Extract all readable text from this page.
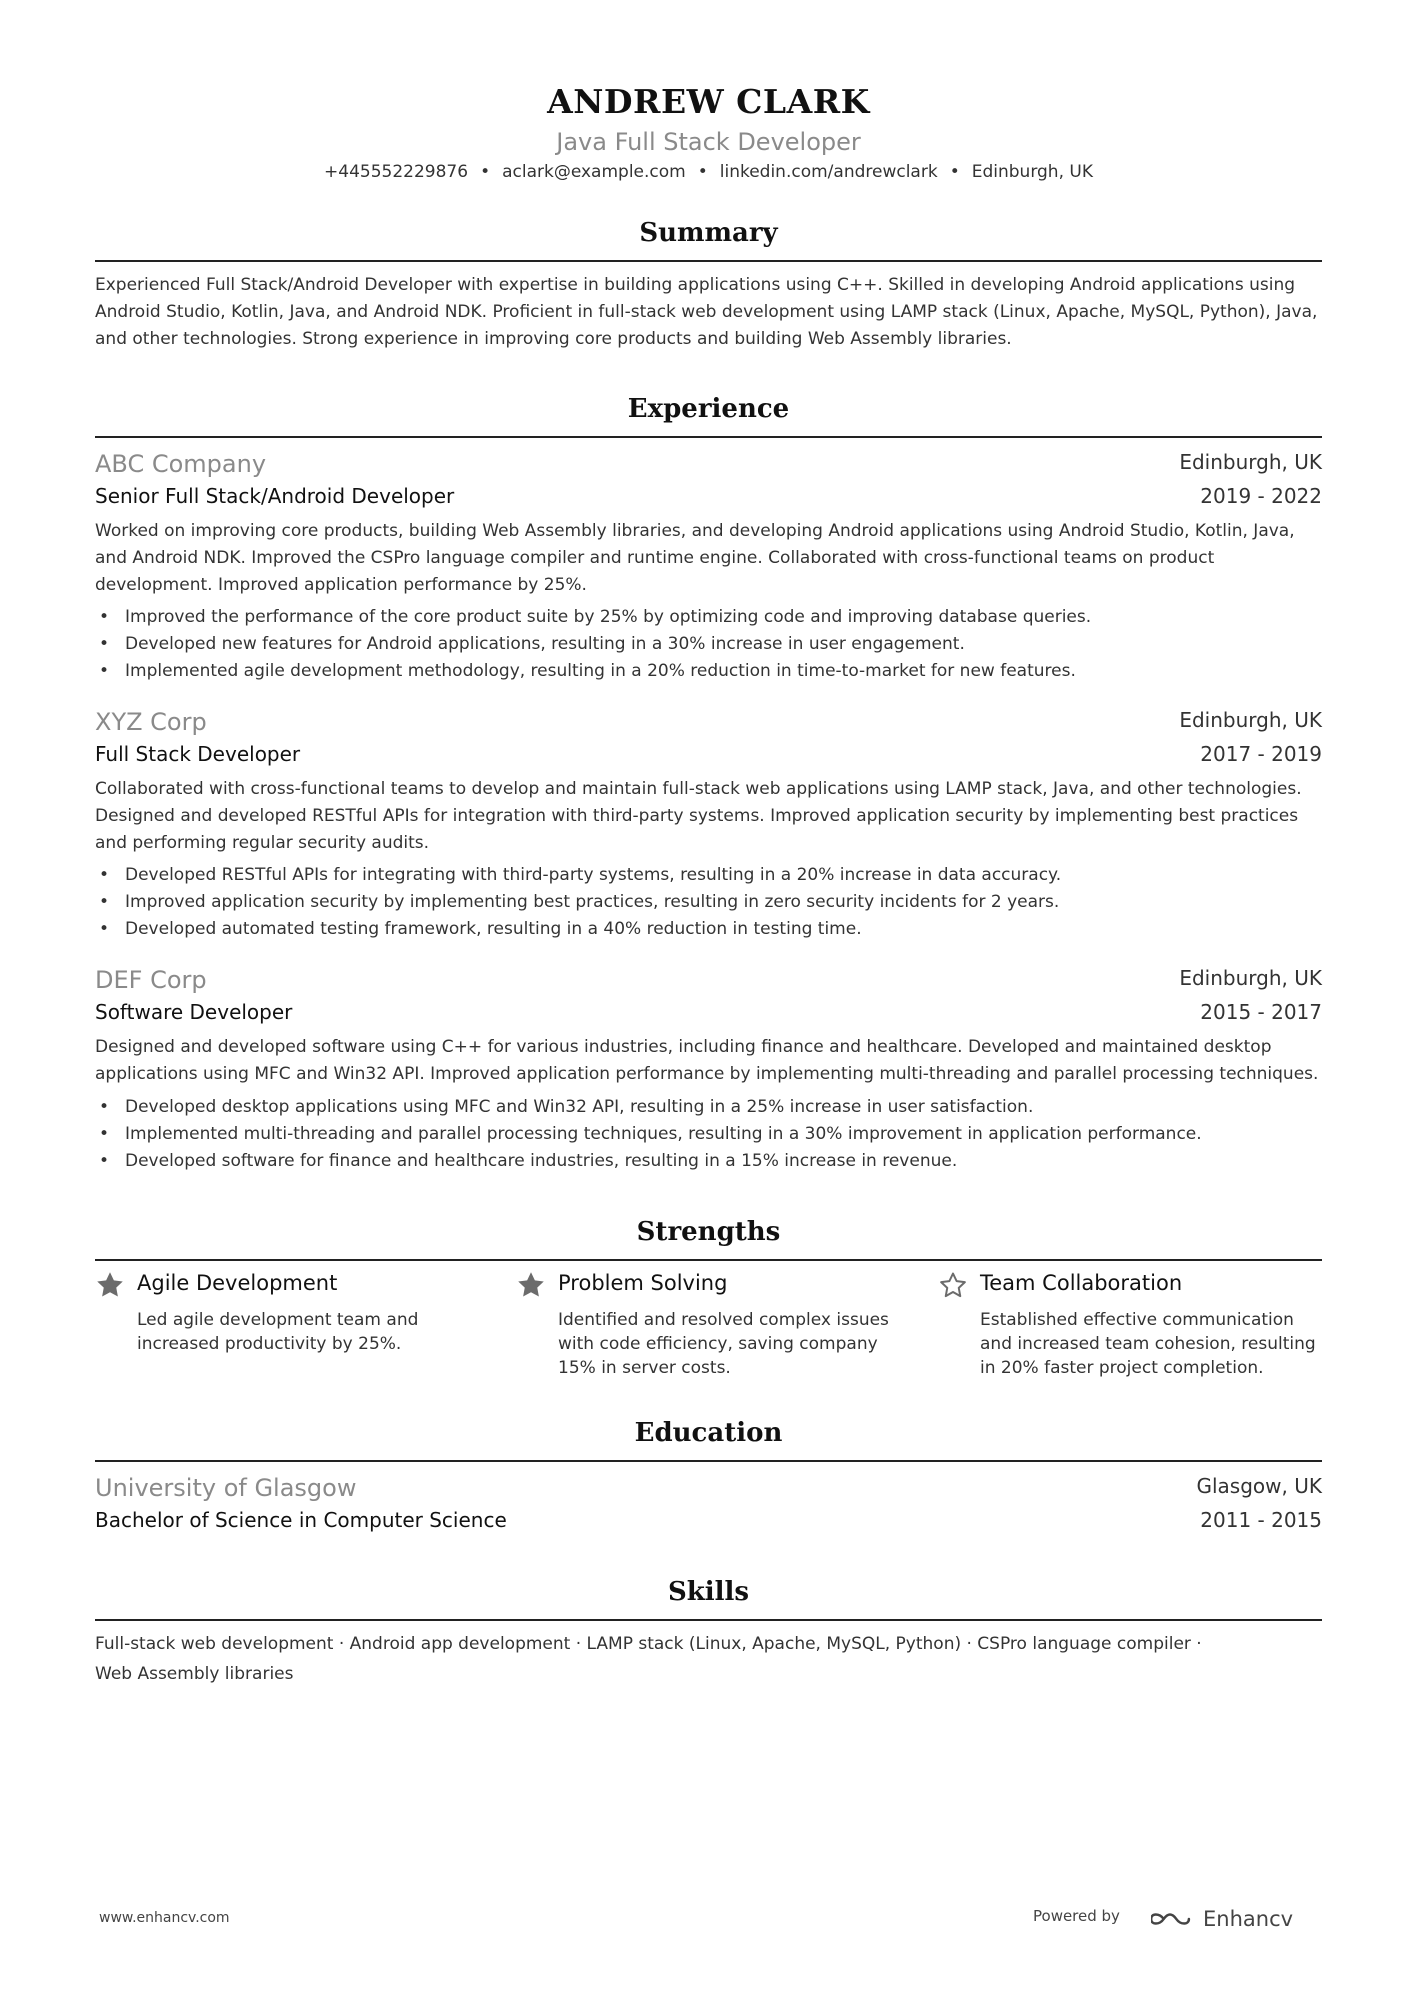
ANDREW CLARK
Java Full Stack Developer
+445552229876 • aclark@example.com • linkedin.com/andrewclark • Edinburgh, UK
Summary
Experienced Full Stack/Android Developer with expertise in building applications using C++. Skilled in developing Android applications using Android Studio, Kotlin, Java, and Android NDK. Proficient in full-stack web development using LAMP stack (Linux, Apache, MySQL, Python), Java, and other technologies. Strong experience in improving core products and building Web Assembly libraries.
Experience
ABC Company	Edinburgh, UK
Senior Full Stack/Android Developer	2019 - 2022
Worked on improving core products, building Web Assembly libraries, and developing Android applications using Android Studio, Kotlin, Java, and Android NDK. Improved the CSPro language compiler and runtime engine. Collaborated with cross-functional teams on product development. Improved application performance by 25%.
• Improved the performance of the core product suite by 25% by optimizing code and improving database queries.
• Developed new features for Android applications, resulting in a 30% increase in user engagement.
• Implemented agile development methodology, resulting in a 20% reduction in time-to-market for new features.
XYZ Corp	Edinburgh, UK
Full Stack Developer	2017 - 2019
Collaborated with cross-functional teams to develop and maintain full-stack web applications using LAMP stack, Java, and other technologies. Designed and developed RESTful APIs for integration with third-party systems. Improved application security by implementing best practices and performing regular security audits.
• Developed RESTful APIs for integrating with third-party systems, resulting in a 20% increase in data accuracy.
• Improved application security by implementing best practices, resulting in zero security incidents for 2 years.
• Developed automated testing framework, resulting in a 40% reduction in testing time.
DEF Corp	Edinburgh, UK
Software Developer	2015 - 2017
Designed and developed software using C++ for various industries, including finance and healthcare. Developed and maintained desktop applications using MFC and Win32 API. Improved application performance by implementing multi-threading and parallel processing techniques.
• Developed desktop applications using MFC and Win32 API, resulting in a 25% increase in user satisfaction.
• Implemented multi-threading and parallel processing techniques, resulting in a 30% improvement in application performance.
• Developed software for finance and healthcare industries, resulting in a 15% increase in revenue.
Strengths
Agile Development
Led agile development team and increased productivity by 25%.
Problem Solving
Identified and resolved complex issues with code efficiency, saving company 15% in server costs.
Team Collaboration
Established effective communication and increased team cohesion, resulting in 20% faster project completion.
Education
University of Glasgow	Glasgow, UK
Bachelor of Science in Computer Science	2011 - 2015
Skills
Full-stack web development · Android app development · LAMP stack (Linux, Apache, MySQL, Python) · CSPro language compiler ·
Web Assembly libraries
www.enhancv.com	Powered by	Enhancv
